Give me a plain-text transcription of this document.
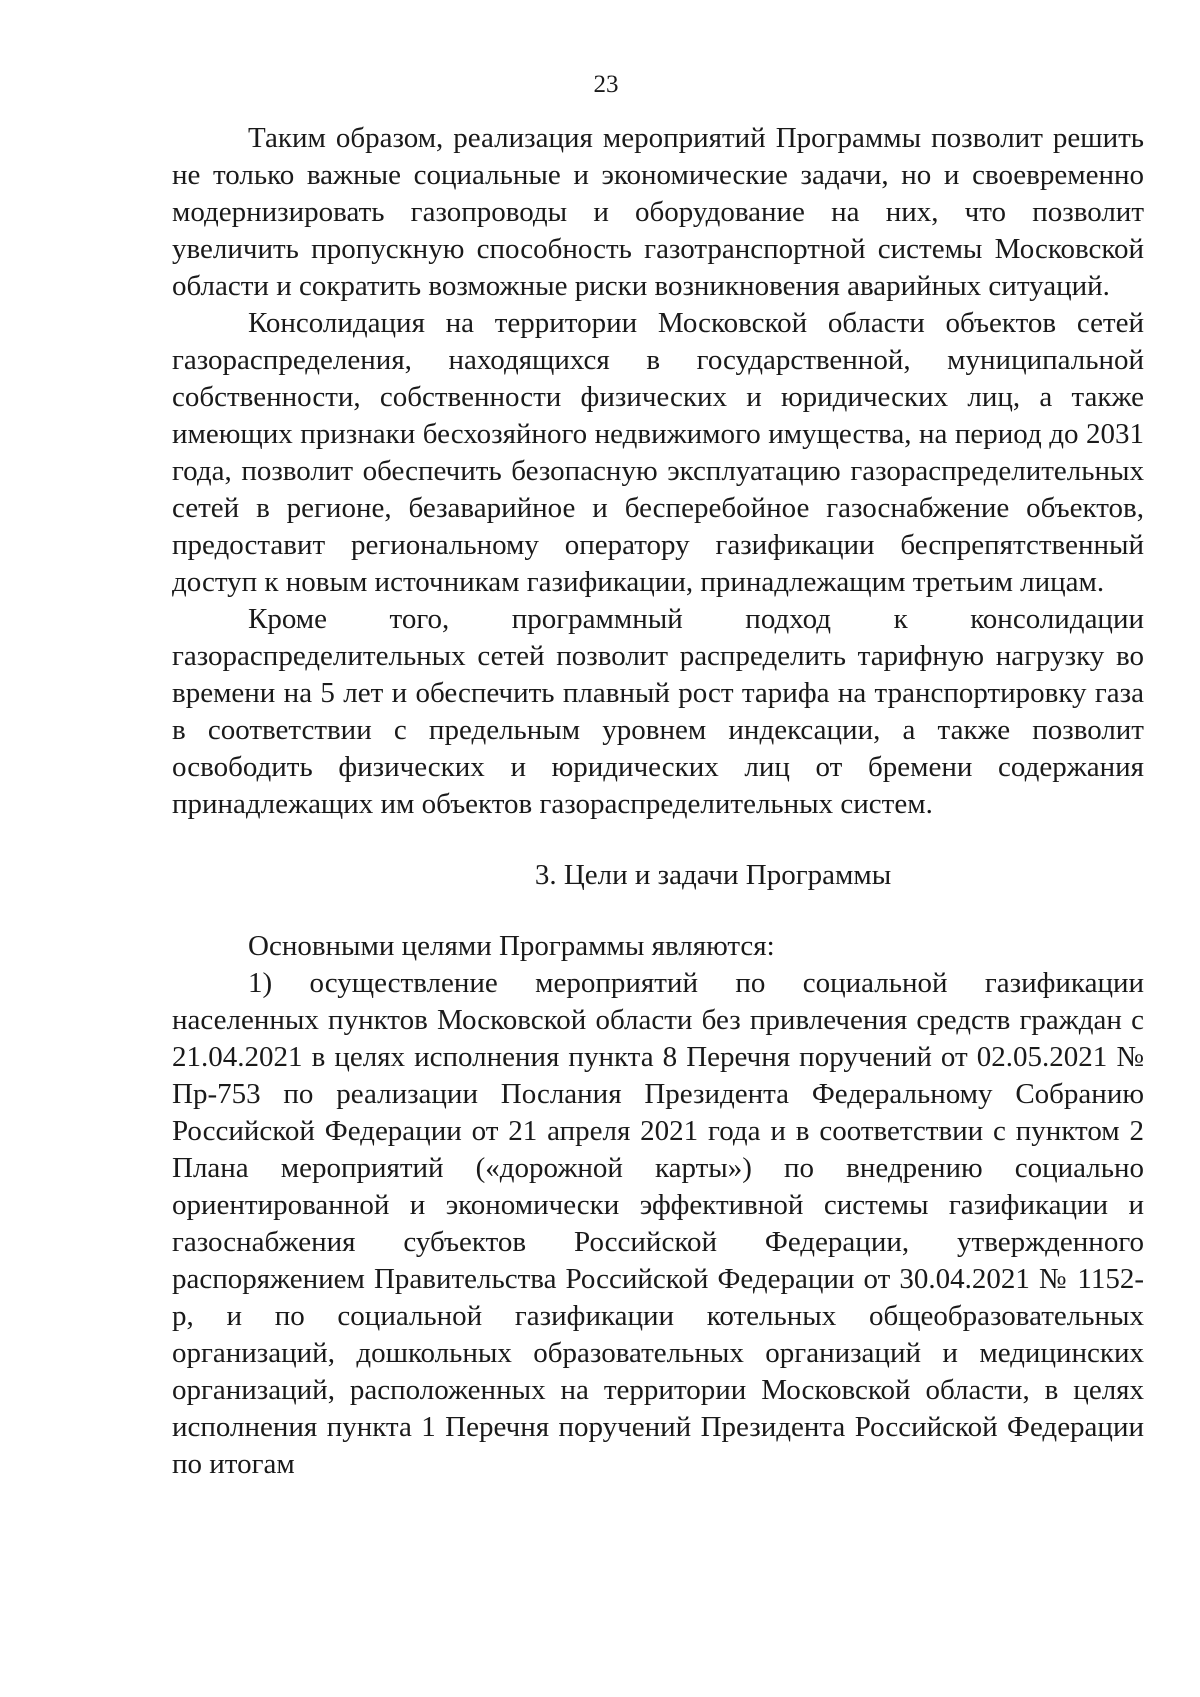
23

Таким образом, реализация мероприятий Программы позволит решить не только важные социальные и экономические задачи, но и своевременно модернизировать газопроводы и оборудование на них, что позволит увеличить пропускную способность газотранспортной системы Московской области и сократить возможные риски возникновения аварийных ситуаций.

Консолидация на территории Московской области объектов сетей газораспределения, находящихся в государственной, муниципальной собственности, собственности физических и юридических лиц, а также имеющих признаки бесхозяйного недвижимого имущества, на период до 2031 года, позволит обеспечить безопасную эксплуатацию газораспределительных сетей в регионе, безаварийное и бесперебойное газоснабжение объектов, предоставит региональному оператору газификации беспрепятственный доступ к новым источникам газификации, принадлежащим третьим лицам.

Кроме того, программный подход к консолидации газораспределительных сетей позволит распределить тарифную нагрузку во времени на 5 лет и обеспечить плавный рост тарифа на транспортировку газа в соответствии с предельным уровнем индексации, а также позволит освободить физических и юридических лиц от бремени содержания принадлежащих им объектов газораспределительных систем.

3. Цели и задачи Программы

Основными целями Программы являются:

1) осуществление мероприятий по социальной газификации населенных пунктов Московской области без привлечения средств граждан с 21.04.2021 в целях исполнения пункта 8 Перечня поручений от 02.05.2021 № Пр-753 по реализации Послания Президента Федеральному Собранию Российской Федерации от 21 апреля 2021 года и в соответствии с пунктом 2 Плана мероприятий («дорожной карты») по внедрению социально ориентированной и экономически эффективной системы газификации и газоснабжения субъектов Российской Федерации, утвержденного распоряжением Правительства Российской Федерации от 30.04.2021 № 1152-р, и по социальной газификации котельных общеобразовательных организаций, дошкольных образовательных организаций и медицинских организаций, расположенных на территории Московской области, в целях исполнения пункта 1 Перечня поручений Президента Российской Федерации по итогам
